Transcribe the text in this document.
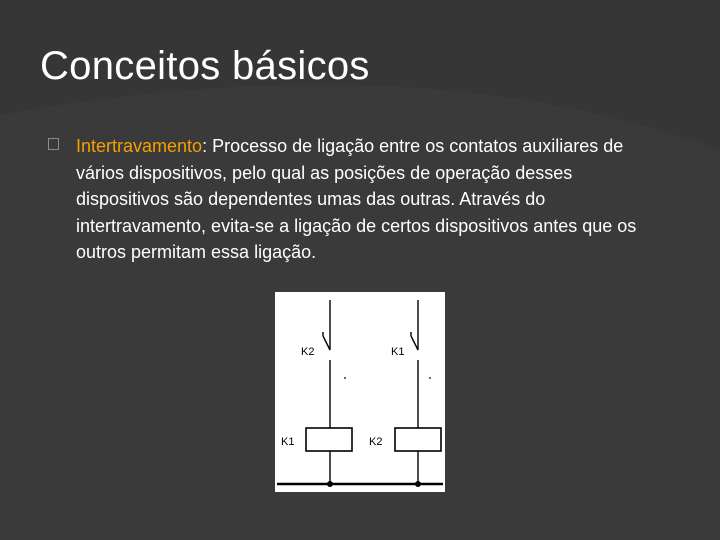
Conceitos básicos
Intertravamento: Processo de ligação entre os contatos auxiliares de vários dispositivos, pelo qual as posições de operação desses dispositivos são dependentes umas das outras. Através do intertravamento, evita-se a ligação de certos dispositivos antes que os outros permitam essa ligação.
K2	K1
K1	K2
